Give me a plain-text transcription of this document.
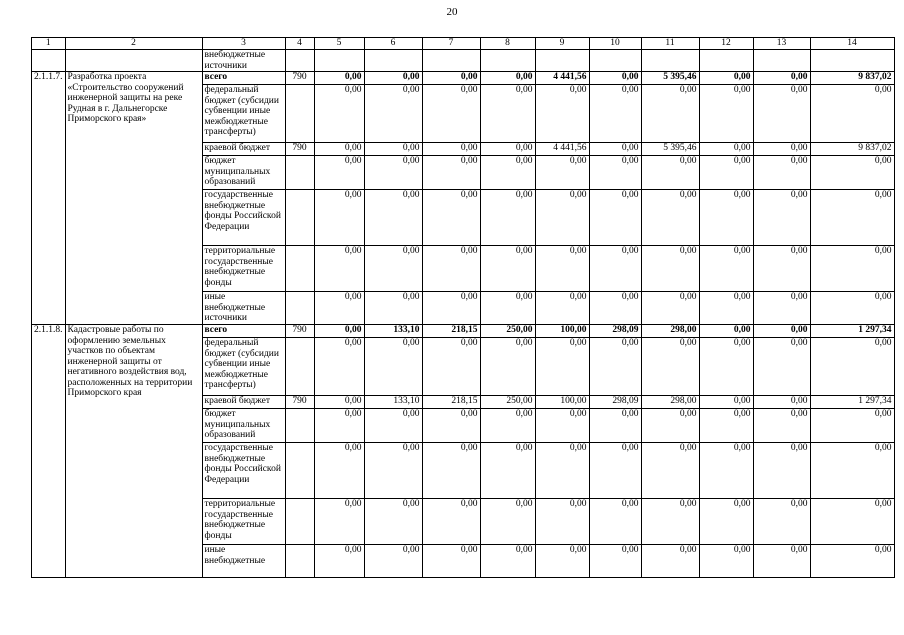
20
1	2	3	4	5	6	7	8	9	10	11	12	13	14
		внебюджетные источники											
2.1.1.7.	Разработка проекта «Строительство сооружений инженерной защиты на реке Рудная в г. Дальнегорске Приморского края»	всего	790	0,00	0,00	0,00	0,00	4 441,56	0,00	5 395,46	0,00	0,00	9 837,02
		федеральный бюджет (субсидии субвенции иные межбюджетные трансферты)		0,00	0,00	0,00	0,00	0,00	0,00	0,00	0,00	0,00	0,00
		краевой бюджет	790	0,00	0,00	0,00	0,00	4 441,56	0,00	5 395,46	0,00	0,00	9 837,02
		бюджет муниципальных образований		0,00	0,00	0,00	0,00	0,00	0,00	0,00	0,00	0,00	0,00
		государственные внебюджетные фонды Российской Федерации		0,00	0,00	0,00	0,00	0,00	0,00	0,00	0,00	0,00	0,00
		территориальные государственные внебюджетные фонды		0,00	0,00	0,00	0,00	0,00	0,00	0,00	0,00	0,00	0,00
		иные внебюджетные источники		0,00	0,00	0,00	0,00	0,00	0,00	0,00	0,00	0,00	0,00
2.1.1.8.	Кадастровые работы по оформлению земельных участков по объектам инженерной защиты от негативного воздействия вод, расположенных на территории Приморского края	всего	790	0,00	133,10	218,15	250,00	100,00	298,09	298,00	0,00	0,00	1 297,34
		федеральный бюджет (субсидии субвенции иные межбюджетные трансферты)		0,00	0,00	0,00	0,00	0,00	0,00	0,00	0,00	0,00	0,00
		краевой бюджет	790	0,00	133,10	218,15	250,00	100,00	298,09	298,00	0,00	0,00	1 297,34
		бюджет муниципальных образований		0,00	0,00	0,00	0,00	0,00	0,00	0,00	0,00	0,00	0,00
		государственные внебюджетные фонды Российской Федерации		0,00	0,00	0,00	0,00	0,00	0,00	0,00	0,00	0,00	0,00
		территориальные государственные внебюджетные фонды		0,00	0,00	0,00	0,00	0,00	0,00	0,00	0,00	0,00	0,00
		иные внебюджетные		0,00	0,00	0,00	0,00	0,00	0,00	0,00	0,00	0,00	0,00
